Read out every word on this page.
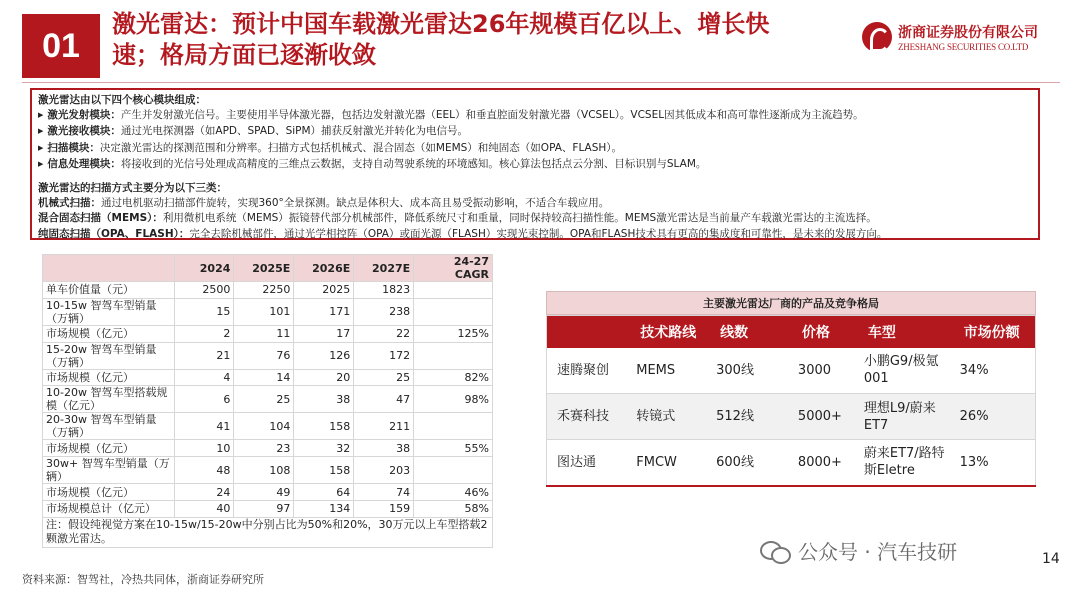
01
激光雷达：预计中国车载激光雷达26年规模百亿以上、增长快速；格局方面已逐渐收敛
浙商证券股份有限公司
ZHESHANG SECURITIES CO.LTD
激光雷达由以下四个核心模块组成：
▶ 激光发射模块：产生并发射激光信号。主要使用半导体激光器，包括边发射激光器（EEL）和垂直腔面发射激光器（VCSEL）。VCSEL因其低成本和高可靠性逐渐成为主流趋势。
▶ 激光接收模块：通过光电探测器（如APD、SPAD、SiPM）捕获反射激光并转化为电信号。
▶ 扫描模块：决定激光雷达的探测范围和分辨率。扫描方式包括机械式、混合固态（如MEMS）和纯固态（如OPA、FLASH）。
▶ 信息处理模块：将接收到的光信号处理成高精度的三维点云数据，支持自动驾驶系统的环境感知。核心算法包括点云分割、目标识别与SLAM。
激光雷达的扫描方式主要分为以下三类：
机械式扫描：通过电机驱动扫描部件旋转，实现360°全景探测。缺点是体积大、成本高且易受振动影响，不适合车载应用。
混合固态扫描（MEMS）：利用微机电系统（MEMS）振镜替代部分机械部件，降低系统尺寸和重量，同时保持较高扫描性能。MEMS激光雷达是当前量产车载激光雷达的主流选择。
纯固态扫描（OPA、FLASH）：完全去除机械部件，通过光学相控阵（OPA）或面光源（FLASH）实现光束控制。OPA和FLASH技术具有更高的集成度和可靠性，是未来的发展方向。
	2024	2025E	2026E	2027E	24-27 CAGR
单车价值量（元）	2500	2250	2025	1823	
10-15w 智驾车型销量（万辆）	15	101	171	238	
市场规模（亿元）	2	11	17	22	125%
15-20w 智驾车型销量（万辆）	21	76	126	172	
市场规模（亿元）	4	14	20	25	82%
10-20w 智驾车型搭载规模（亿元）	6	25	38	47	98%
20-30w 智驾车型销量（万辆）	41	104	158	211	
市场规模（亿元）	10	23	32	38	55%
30w+ 智驾车型销量（万辆）	48	108	158	203	
市场规模（亿元）	24	49	64	74	46%
市场规模总计（亿元）	40	97	134	159	58%
注：假设纯视觉方案在10-15w/15-20w中分别占比为50%和20%，30万元以上车型搭载2颗激光雷达。					
主要激光雷达厂商的产品及竞争格局
	技术路线	线数	价格	车型	市场份额
速腾聚创	MEMS	300线	3000	小鹏G9/极氪001	34%
禾赛科技	转镜式	512线	5000+	理想L9/蔚来ET7	26%
图达通	FMCW	600线	8000+	蔚来ET7/路特斯Eletre	13%
资料来源：智驾社，冷热共同体，浙商证券研究所
公众号 · 汽车技研	14
